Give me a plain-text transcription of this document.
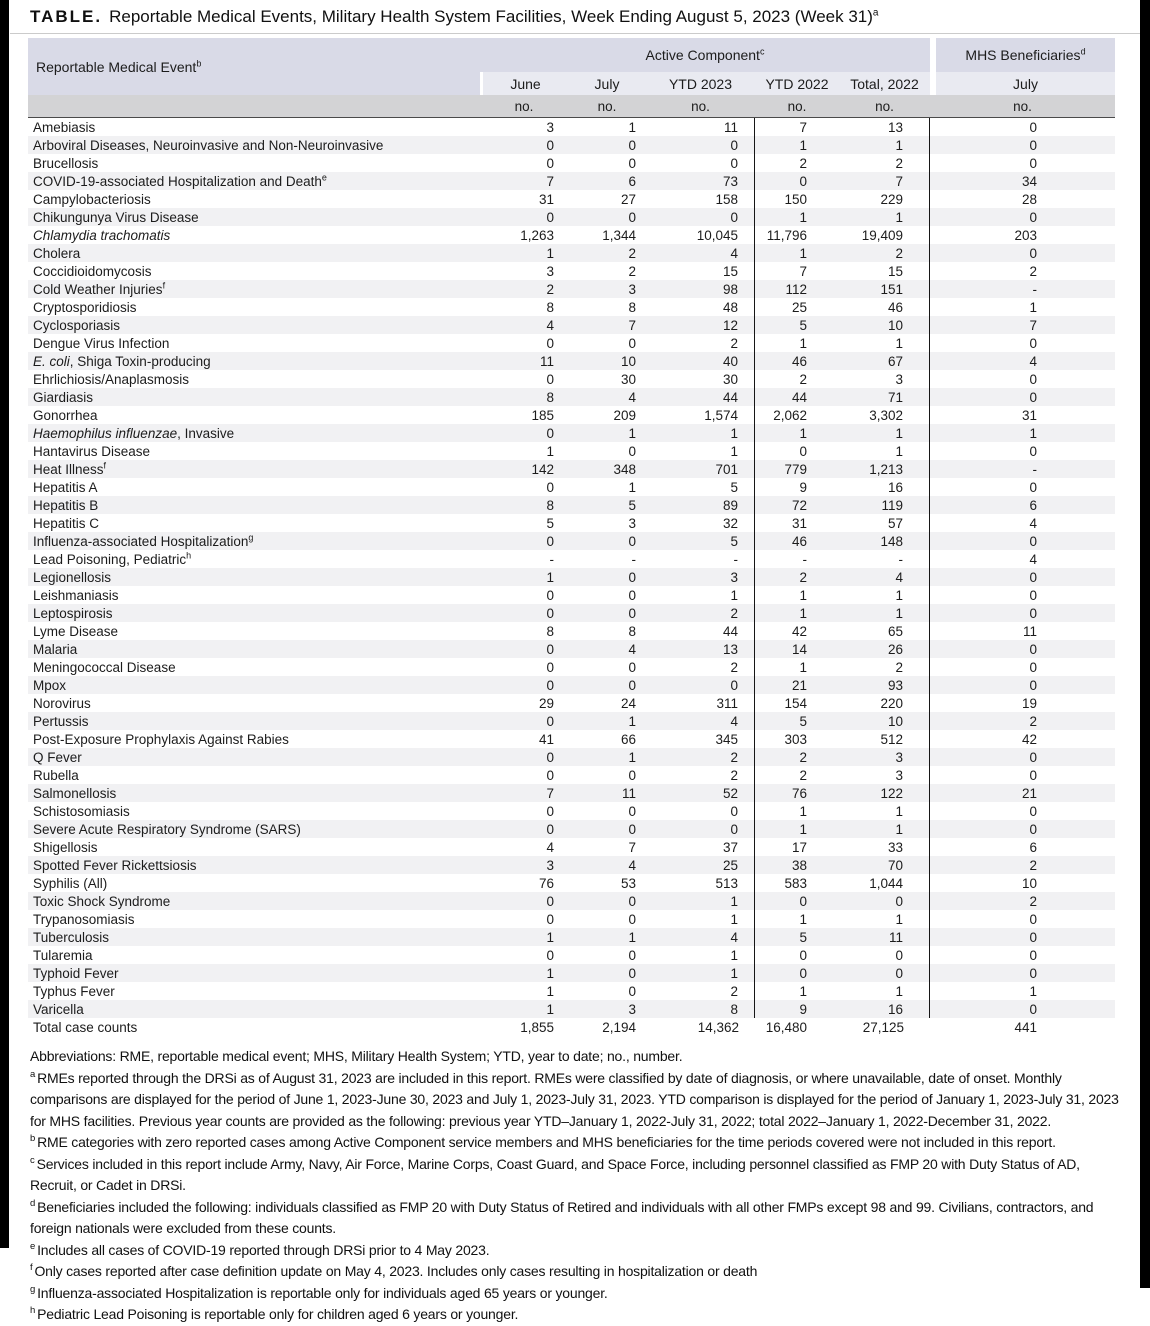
TABLE. Reportable Medical Events, Military Health System Facilities, Week Ending August 5, 2023 (Week 31)$^a$
Reportable Medical Event$^b$	Active Component$^c$					MHS Beneficiaries$^d$
	June	July	YTD 2023	YTD 2022	Total, 2022	July
	no.	no.	no.	no.	no.	no.
Amebiasis	3	1	11	7	13	0
Arboviral Diseases, Neuroinvasive and Non-Neuroinvasive	0	0	0	1	1	0
Brucellosis	0	0	0	2	2	0
COVID-19-associated Hospitalization and Death$^e$	7	6	73	0	7	34
Campylobacteriosis	31	27	158	150	229	28
Chikungunya Virus Disease	0	0	0	1	1	0
Chlamydia trachomatis	1,263	1,344	10,045	11,796	19,409	203
Cholera	1	2	4	1	2	0
Coccidioidomycosis	3	2	15	7	15	2
Cold Weather Injuries$^f$	2	3	98	112	151	-
Cryptosporidiosis	8	8	48	25	46	1
Cyclosporiasis	4	7	12	5	10	7
Dengue Virus Infection	0	0	2	1	1	0
E. coli, Shiga Toxin-producing	11	10	40	46	67	4
Ehrlichiosis/Anaplasmosis	0	30	30	2	3	0
Giardiasis	8	4	44	44	71	0
Gonorrhea	185	209	1,574	2,062	3,302	31
Haemophilus influenzae, Invasive	0	1	1	1	1	1
Hantavirus Disease	1	0	1	0	1	0
Heat Illness$^f$	142	348	701	779	1,213	-
Hepatitis A	0	1	5	9	16	0
Hepatitis B	8	5	89	72	119	6
Hepatitis C	5	3	32	31	57	4
Influenza-associated Hospitalization$^g$	0	0	5	46	148	0
Lead Poisoning, Pediatric$^h$	-	-	-	-	-	4
Legionellosis	1	0	3	2	4	0
Leishmaniasis	0	0	1	1	1	0
Leptospirosis	0	0	2	1	1	0
Lyme Disease	8	8	44	42	65	11
Malaria	0	4	13	14	26	0
Meningococcal Disease	0	0	2	1	2	0
Mpox	0	0	0	21	93	0
Norovirus	29	24	311	154	220	19
Pertussis	0	1	4	5	10	2
Post-Exposure Prophylaxis Against Rabies	41	66	345	303	512	42
Q Fever	0	1	2	2	3	0
Rubella	0	0	2	2	3	0
Salmonellosis	7	11	52	76	122	21
Schistosomiasis	0	0	0	1	1	0
Severe Acute Respiratory Syndrome (SARS)	0	0	0	1	1	0
Shigellosis	4	7	37	17	33	6
Spotted Fever Rickettsiosis	3	4	25	38	70	2
Syphilis (All)	76	53	513	583	1,044	10
Toxic Shock Syndrome	0	0	1	0	0	2
Trypanosomiasis	0	0	1	1	1	0
Tuberculosis	1	1	4	5	11	0
Tularemia	0	0	1	0	0	0
Typhoid Fever	1	0	1	0	0	0
Typhus Fever	1	0	2	1	1	1
Varicella	1	3	8	9	16	0
Total case counts	1,855	2,194	14,362	16,480	27,125	441

Abbreviations: RME, reportable medical event; MHS, Military Health System; YTD, year to date; no., number.

$^a$ RMEs reported through the DRSi as of August 31, 2023 are included in this report. RMEs were classified by date of diagnosis, or where unavailable, date of onset. Monthly comparisons are displayed for the period of June 1, 2023-June 30, 2023 and July 1, 2023-July 31, 2023. YTD comparison is displayed for the period of January 1, 2023-July 31, 2023 for MHS facilities. Previous year counts are provided as the following: previous year YTD–January 1, 2022-July 31, 2022; total 2022–January 1, 2022-December 31, 2022.

$^b$ RME categories with zero reported cases among Active Component service members and MHS beneficiaries for the time periods covered were not included in this report.

$^c$ Services included in this report include Army, Navy, Air Force, Marine Corps, Coast Guard, and Space Force, including personnel classified as FMP 20 with Duty Status of AD, Recruit, or Cadet in DRSi.

$^d$ Beneficiaries included the following: individuals classified as FMP 20 with Duty Status of Retired and individuals with all other FMPs except 98 and 99. Civilians, contractors, and foreign nationals were excluded from these counts.

$^e$ Includes all cases of COVID-19 reported through DRSi prior to 4 May 2023.

$^f$ Only cases reported after case definition update on May 4, 2023. Includes only cases resulting in hospitalization or death

$^g$ Influenza-associated Hospitalization is reportable only for individuals aged 65 years or younger.

$^h$ Pediatric Lead Poisoning is reportable only for children aged 6 years or younger.
